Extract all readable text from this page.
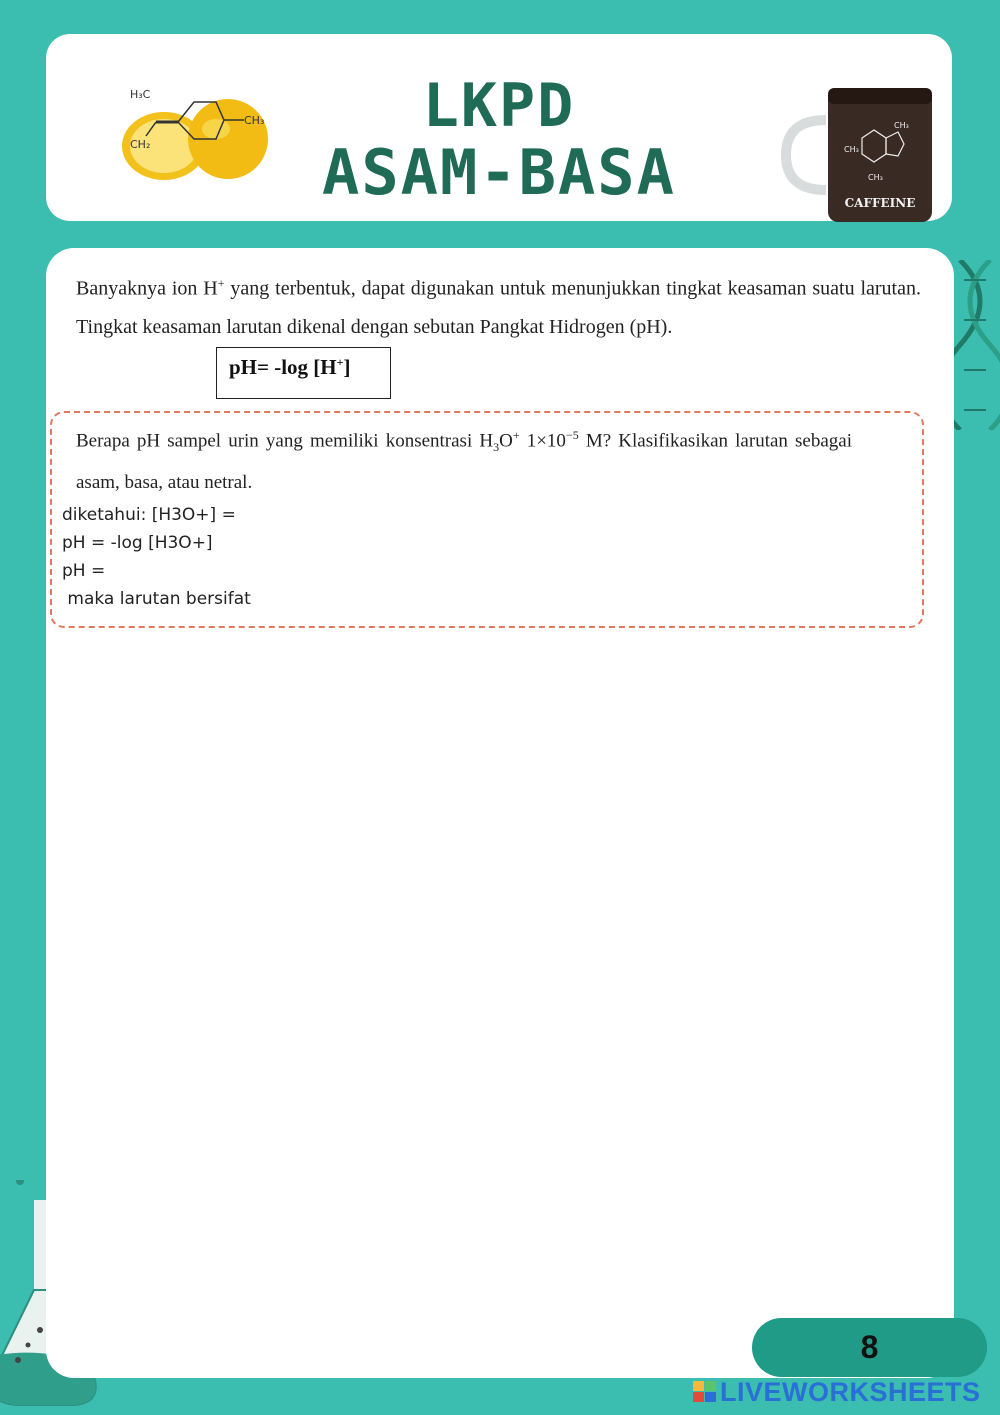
H₃C
CH₃
CH₂
LKPD
ASAM-BASA	CH₃
CH₃
CH₃
CAFFEINE

Banyaknya ion H+ yang terbentuk, dapat digunakan untuk menunjukkan tingkat keasaman suatu larutan. Tingkat keasaman larutan dikenal dengan sebutan Pangkat Hidrogen (pH).

pH= -log [H+]

Berapa pH sampel urin yang memiliki konsentrasi $H_3O^+$ $1\times 10^{-5}$ M? Klasifikasikan larutan sebagai asam, basa, atau netral.

diketahui: [H3O+] =
pH = -log [H3O+]
pH =
maka larutan bersifat
8
LIVEWORKSHEETS
